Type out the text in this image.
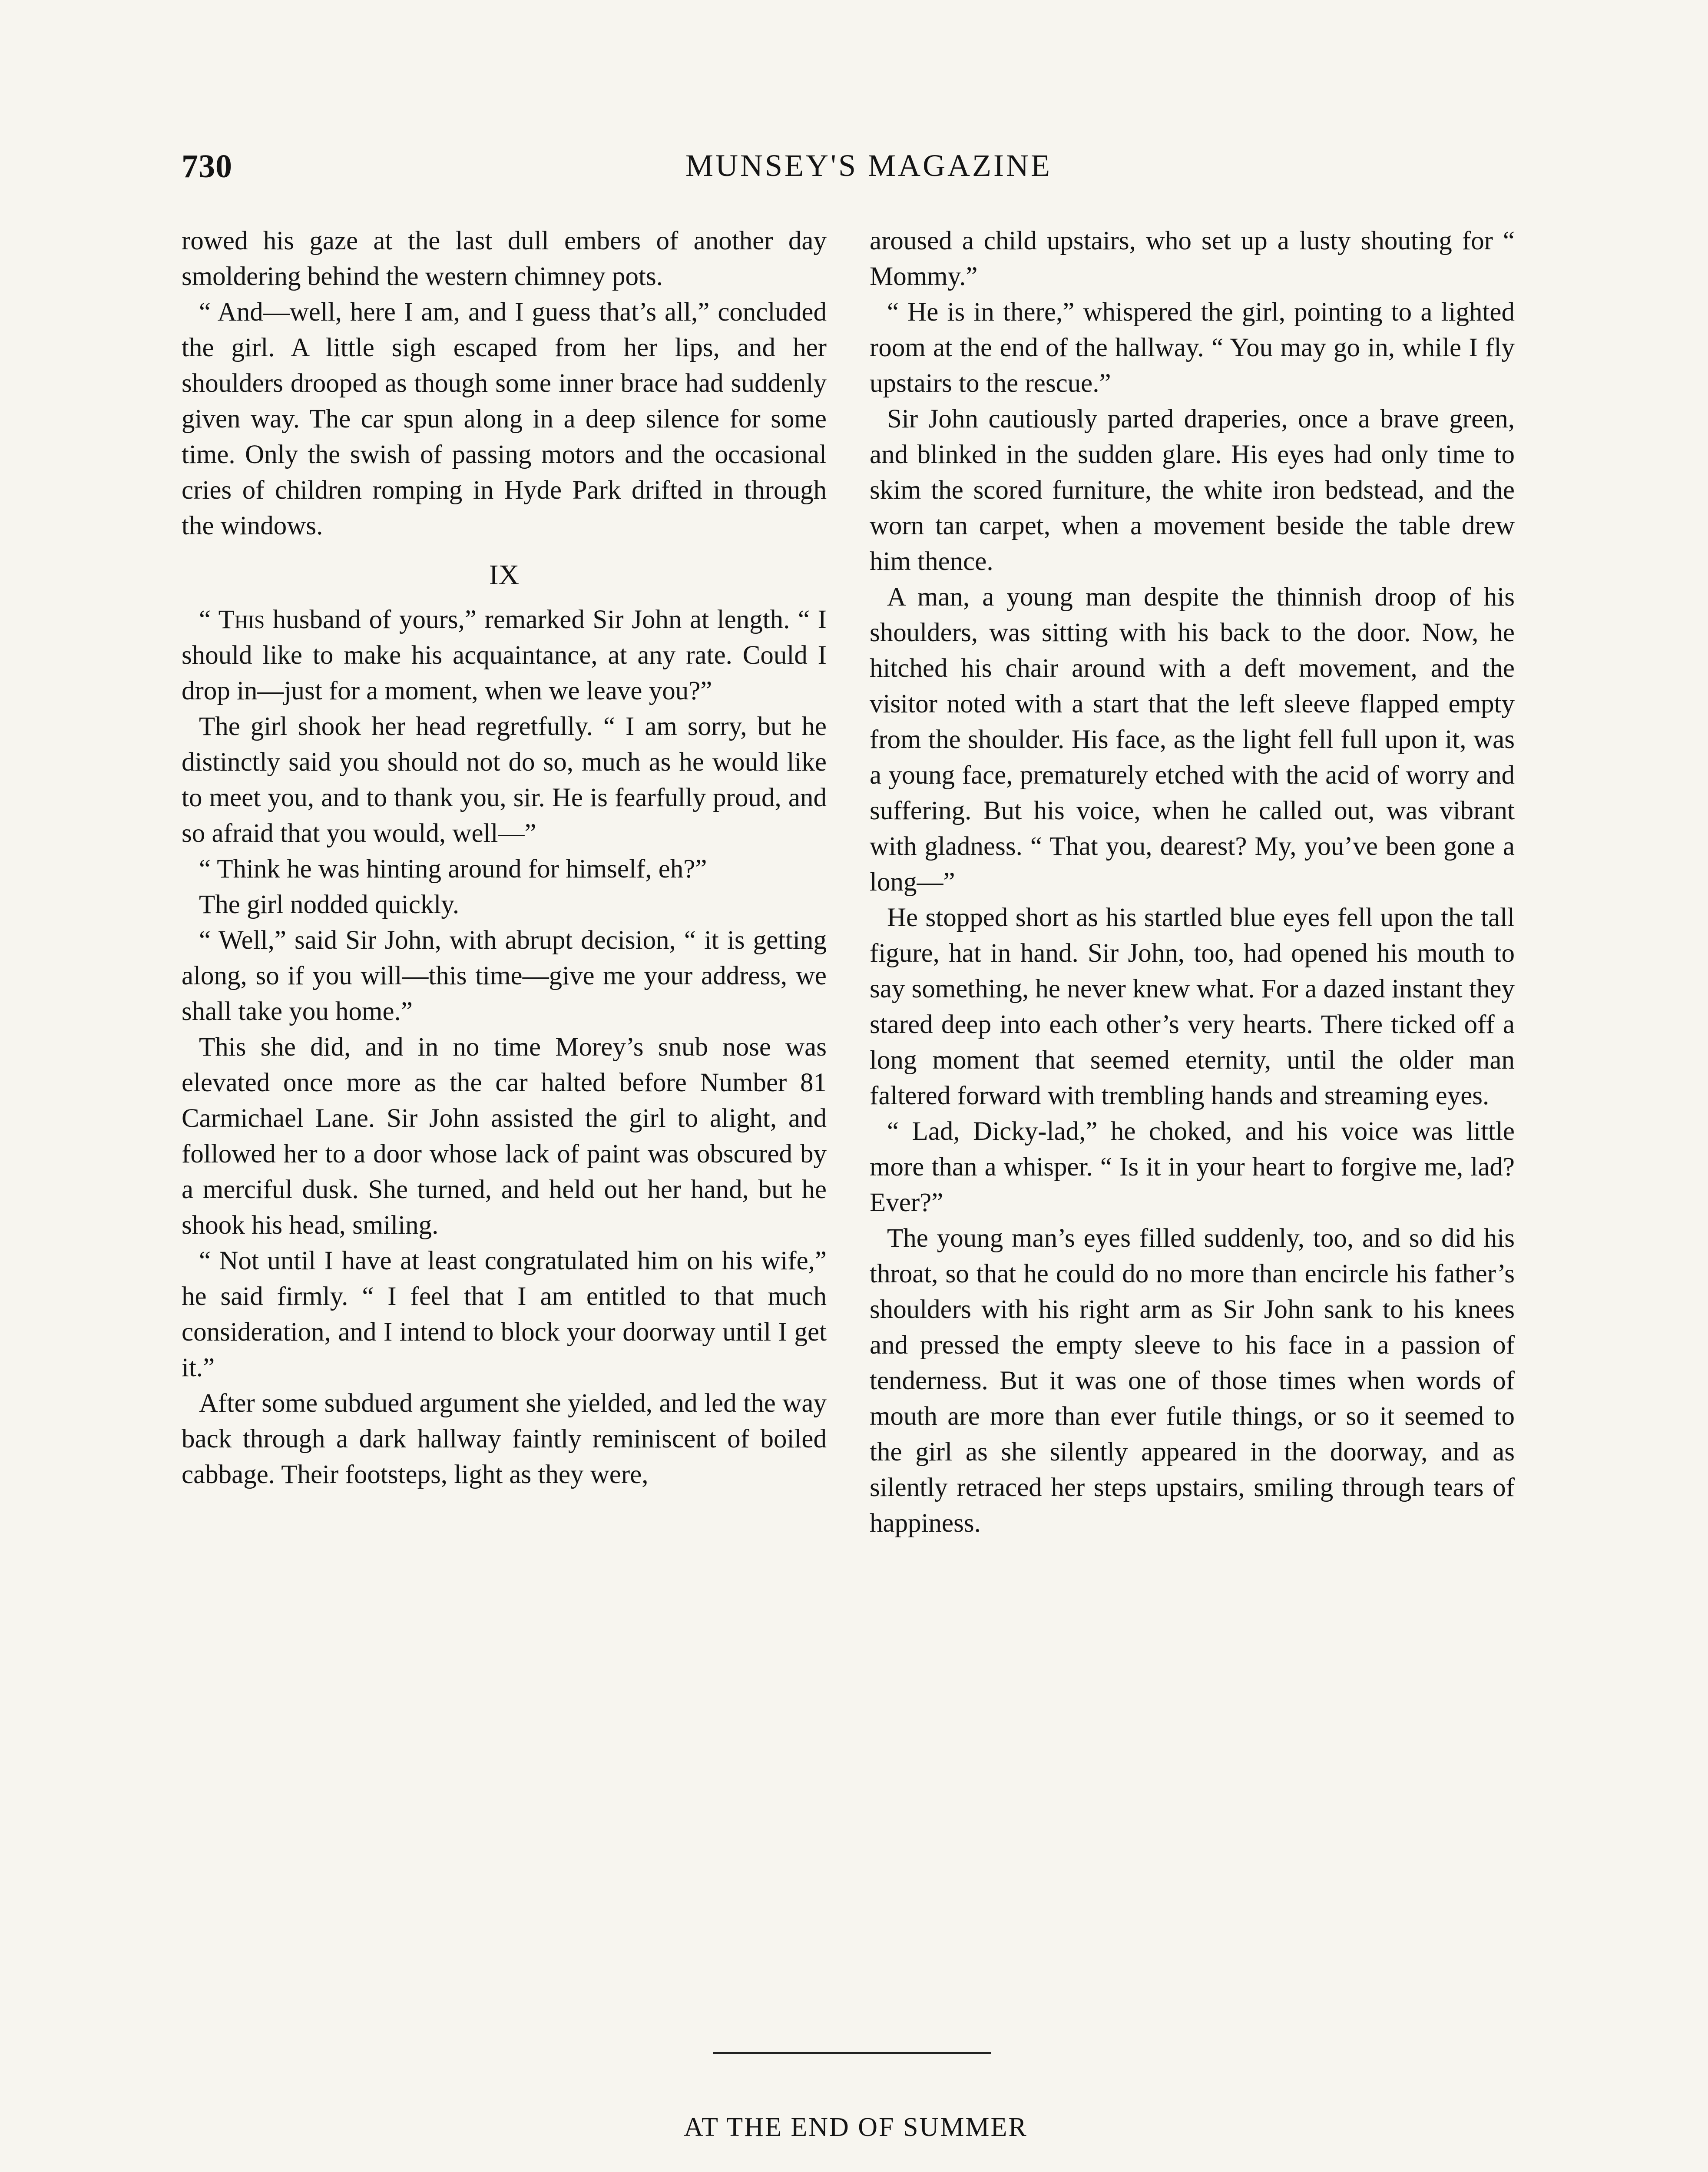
730	MUNSEY'S MAGAZINE

rowed his gaze at the last dull embers of another day smoldering behind the western chimney pots.

“ And—well, here I am, and I guess that’s all,” concluded the girl. A little sigh escaped from her lips, and her shoulders drooped as though some inner brace had suddenly given way. The car spun along in a deep silence for some time. Only the swish of passing motors and the occasional cries of children romping in Hyde Park drifted in through the windows.

IX

“ This husband of yours,” remarked Sir John at length. “ I should like to make his acquaintance, at any rate. Could I drop in—just for a moment, when we leave you?”

The girl shook her head regretfully. “ I am sorry, but he distinctly said you should not do so, much as he would like to meet you, and to thank you, sir. He is fearfully proud, and so afraid that you would, well—”

“ Think he was hinting around for himself, eh?”

The girl nodded quickly.

“ Well,” said Sir John, with abrupt decision, “ it is getting along, so if you will—this time—give me your address, we shall take you home.”

This she did, and in no time Morey’s snub nose was elevated once more as the car halted before Number 81 Carmichael Lane. Sir John assisted the girl to alight, and followed her to a door whose lack of paint was obscured by a merciful dusk. She turned, and held out her hand, but he shook his head, smiling.

“ Not until I have at least congratulated him on his wife,” he said firmly. “ I feel that I am entitled to that much consideration, and I intend to block your doorway until I get it.”

After some subdued argument she yielded, and led the way back through a dark hallway faintly reminiscent of boiled cabbage. Their footsteps, light as they were,

aroused a child upstairs, who set up a lusty shouting for “ Mommy.”

“ He is in there,” whispered the girl, pointing to a lighted room at the end of the hallway. “ You may go in, while I fly upstairs to the rescue.”

Sir John cautiously parted draperies, once a brave green, and blinked in the sudden glare. His eyes had only time to skim the scored furniture, the white iron bedstead, and the worn tan carpet, when a movement beside the table drew him thence.

A man, a young man despite the thinnish droop of his shoulders, was sitting with his back to the door. Now, he hitched his chair around with a deft movement, and the visitor noted with a start that the left sleeve flapped empty from the shoulder. His face, as the light fell full upon it, was a young face, prematurely etched with the acid of worry and suffering. But his voice, when he called out, was vibrant with gladness. “ That you, dearest? My, you’ve been gone a long—”

He stopped short as his startled blue eyes fell upon the tall figure, hat in hand. Sir John, too, had opened his mouth to say something, he never knew what. For a dazed instant they stared deep into each other’s very hearts. There ticked off a long moment that seemed eternity, until the older man faltered forward with trembling hands and streaming eyes.

“ Lad, Dicky-lad,” he choked, and his voice was little more than a whisper. “ Is it in your heart to forgive me, lad? Ever?”

The young man’s eyes filled suddenly, too, and so did his throat, so that he could do no more than encircle his father’s shoulders with his right arm as Sir John sank to his knees and pressed the empty sleeve to his face in a passion of tenderness. But it was one of those times when words of mouth are more than ever futile things, or so it seemed to the girl as she silently appeared in the doorway, and as silently retraced her steps upstairs, smiling through tears of happiness.

AT THE END OF SUMMER
